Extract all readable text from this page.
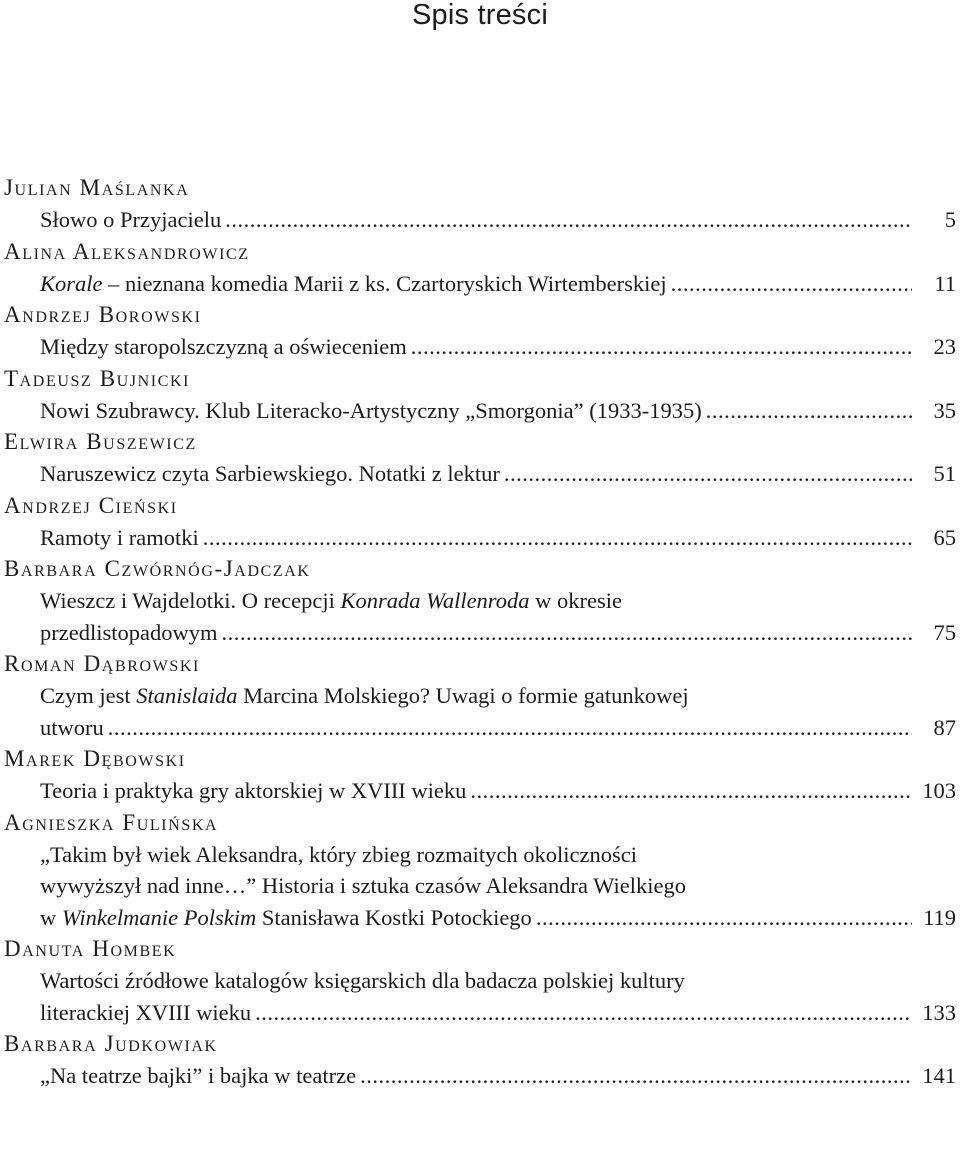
Spis treści
Julian Maślanka
Słowo o Przyjacielu .....	5
Alina Aleksandrowicz
Korale – nieznana komedia Marii z ks. Czartoryskich Wirtemberskiej .....	11
Andrzej Borowski
Między staropolszczyzną a oświeceniem .....	23
Tadeusz Bujnicki
Nowi Szubrawcy. Klub Literacko-Artystyczny „Smorgonia” (1933-1935) .....	35
Elwira Buszewicz
Naruszewicz czyta Sarbiewskiego. Notatki z lektur .....	51
Andrzej Cieński
Ramoty i ramotki .....	65
Barbara Czwórnóg-Jadczak
Wieszcz i Wajdelotki. O recepcji Konrada Wallenroda w okresie
przedlistopadowym .....	75
Roman Dąbrowski
Czym jest Stanislaida Marcina Molskiego? Uwagi o formie gatunkowej
utworu .....	87
Marek Dębowski
Teoria i praktyka gry aktorskiej w XVIII wieku .....	103
Agnieszka Fulińska
„Takim był wiek Aleksandra, który zbieg rozmaitych okoliczności
wywyższył nad inne…” Historia i sztuka czasów Aleksandra Wielkiego
w Winkelmanie Polskim Stanisława Kostki Potockiego .....	119
Danuta Hombek
Wartości źródłowe katalogów księgarskich dla badacza polskiej kultury
literackiej XVIII wieku .....	133
Barbara Judkowiak
„Na teatrze bajki” i bajka w teatrze .....	141
